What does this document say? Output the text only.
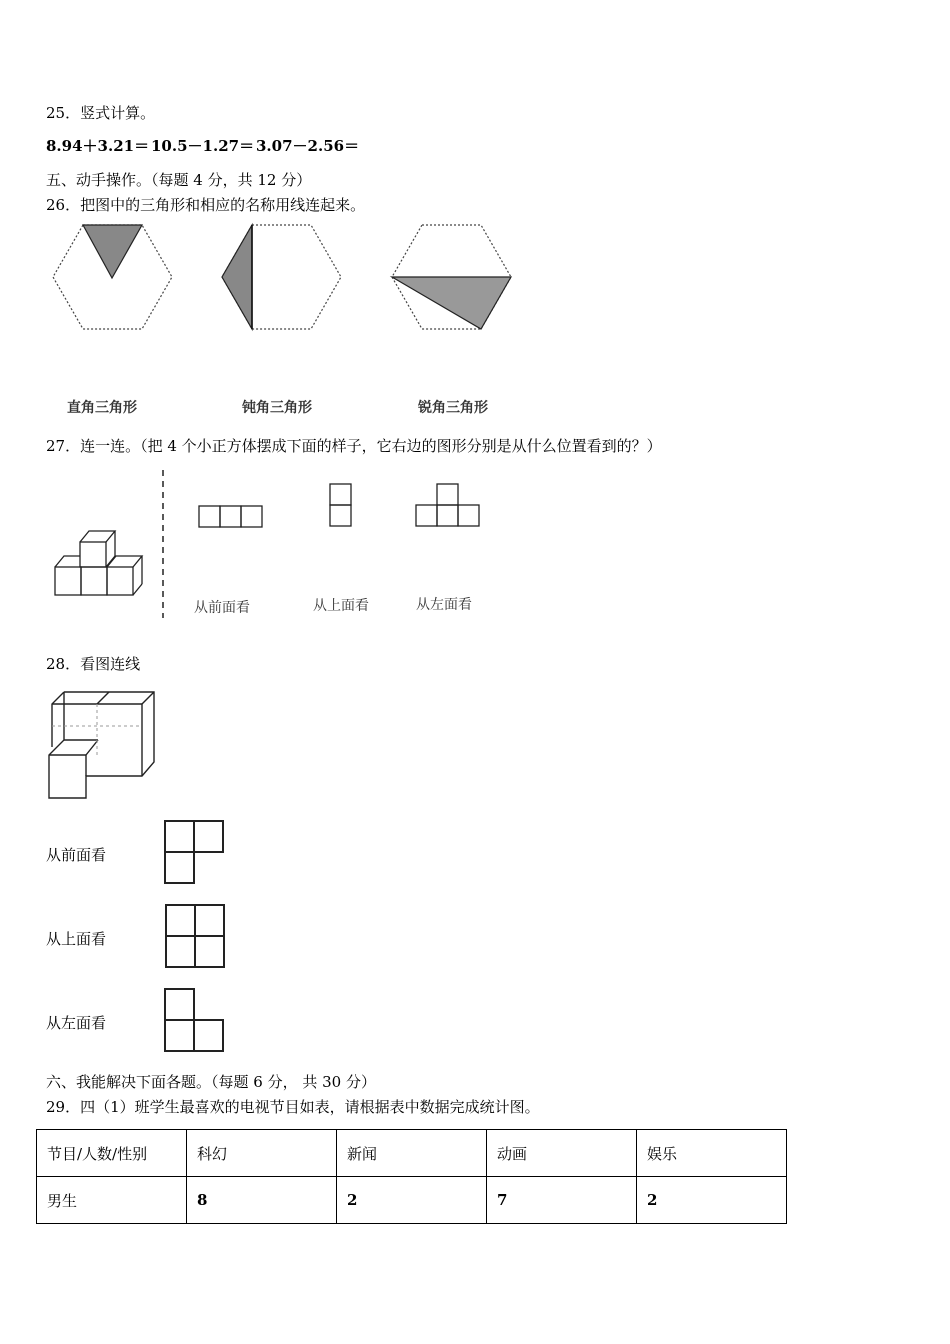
25．竖式计算。
8.94＋3.21＝ 10.5－1.27＝ 3.07－2.56＝
五、动手操作。（每题 4 分，共 12 分）
26．把图中的三角形和相应的名称用线连起来。
直角三角形	钝角三角形	锐角三角形
27．连一连。（把 4 个小正方体摆成下面的样子，它右边的图形分别是从什么位置看到的？）
从前面看	从上面看	从左面看
28．看图连线
从前面看
从上面看
从左面看
六、我能解决下面各题。（每题 6 分， 共 30 分）
29．四（1）班学生最喜欢的电视节目如表，请根据表中数据完成统计图。
节目/人数/性别	科幻	新闻	动画	娱乐
男生	8	2	7	2
